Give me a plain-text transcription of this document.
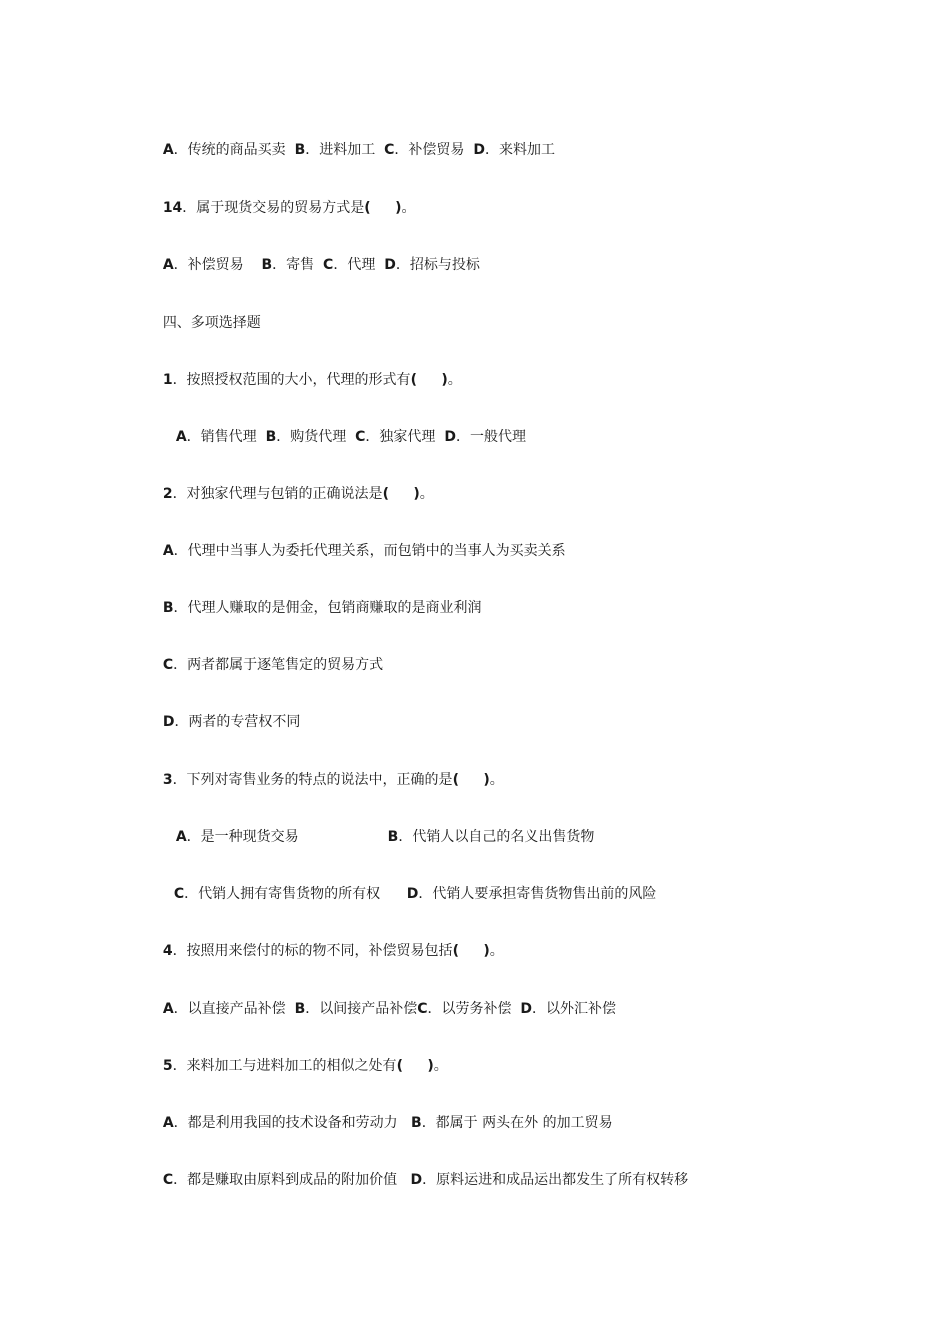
A．传统的商品买卖  B．进料加工  C．补偿贸易  D．来料加工

14．属于现货交易的贸易方式是(     )。

A．补偿贸易    B．寄售  C．代理  D．招标与投标

四、多项选择题

1．按照授权范围的大小，代理的形式有(     )。

A．销售代理  B．购货代理  C．独家代理  D．一般代理

2．对独家代理与包销的正确说法是(     )。

A．代理中当事人为委托代理关系，而包销中的当事人为买卖关系

B．代理人赚取的是佣金，包销商赚取的是商业利润

C．两者都属于逐笔售定的贸易方式

D．两者的专营权不同

3．下列对寄售业务的特点的说法中，正确的是(     )。

A．是一种现货交易                    B．代销人以自己的名义出售货物

C．代销人拥有寄售货物的所有权      D．代销人要承担寄售货物售出前的风险

4．按照用来偿付的标的物不同，补偿贸易包括(     )。

A．以直接产品补偿  B．以间接产品补偿C．以劳务补偿  D．以外汇补偿

5．来料加工与进料加工的相似之处有(     )。

A．都是利用我国的技术设备和劳动力   B．都属于 两头在外 的加工贸易

C．都是赚取由原料到成品的附加价值   D．原料运进和成品运出都发生了所有权转移
